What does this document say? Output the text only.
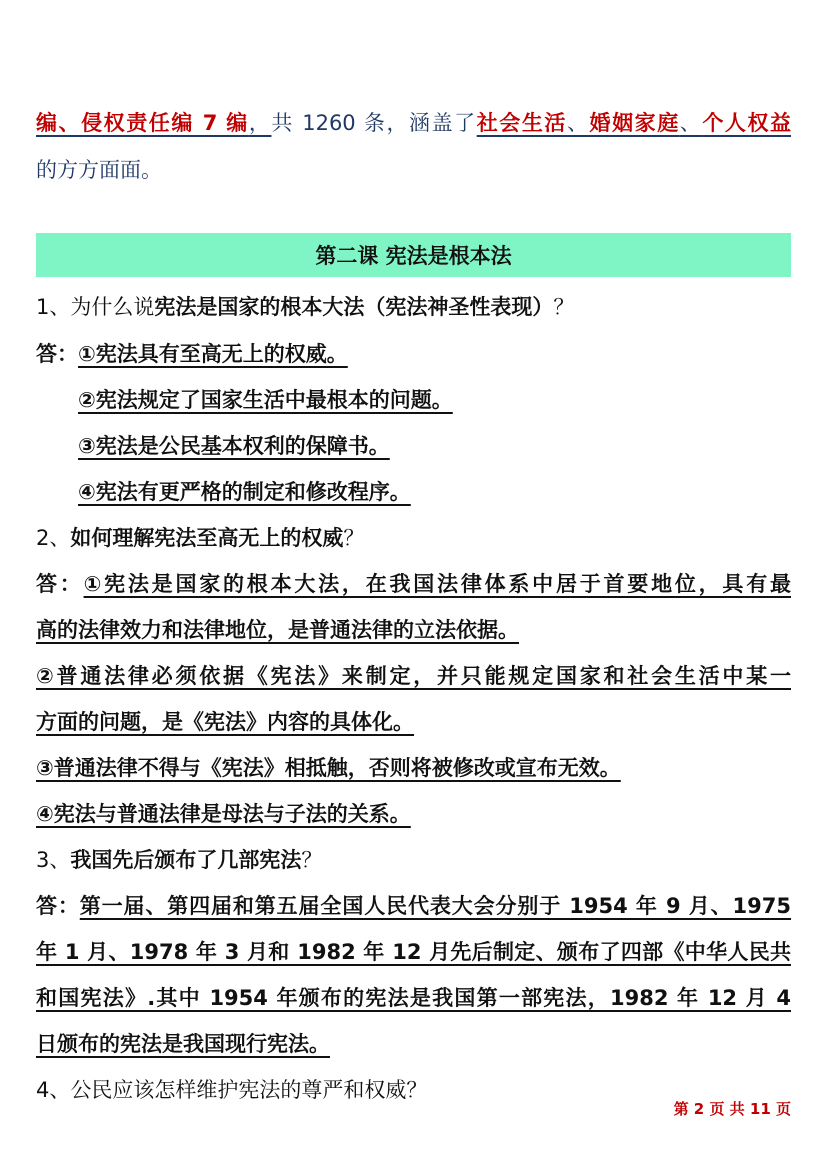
编、侵权责任编 7 编，共 1260 条，涵盖了社会生活、婚姻家庭、个人权益
的方方面面。
第二课 宪法是根本法
1、为什么说宪法是国家的根本大法（宪法神圣性表现）？
答：①宪法具有至高无上的权威。
②宪法规定了国家生活中最根本的问题。
③宪法是公民基本权利的保障书。
④宪法有更严格的制定和修改程序。
2、如何理解宪法至高无上的权威？
答：①宪法是国家的根本大法，在我国法律体系中居于首要地位，具有最
高的法律效力和法律地位，是普通法律的立法依据。
②普通法律必须依据《宪法》来制定，并只能规定国家和社会生活中某一
方面的问题，是《宪法》内容的具体化。
③普通法律不得与《宪法》相抵触，否则将被修改或宣布无效。
④宪法与普通法律是母法与子法的关系。
3、我国先后颁布了几部宪法？
答：第一届、第四届和第五届全国人民代表大会分别于 1954 年 9 月、1975
年 1 月、1978 年 3 月和 1982 年 12 月先后制定、颁布了四部《中华人民共
和国宪法》.其中 1954 年颁布的宪法是我国第一部宪法，1982 年 12 月 4
日颁布的宪法是我国现行宪法。
4、公民应该怎样维护宪法的尊严和权威？
第 2 页 共 11 页
